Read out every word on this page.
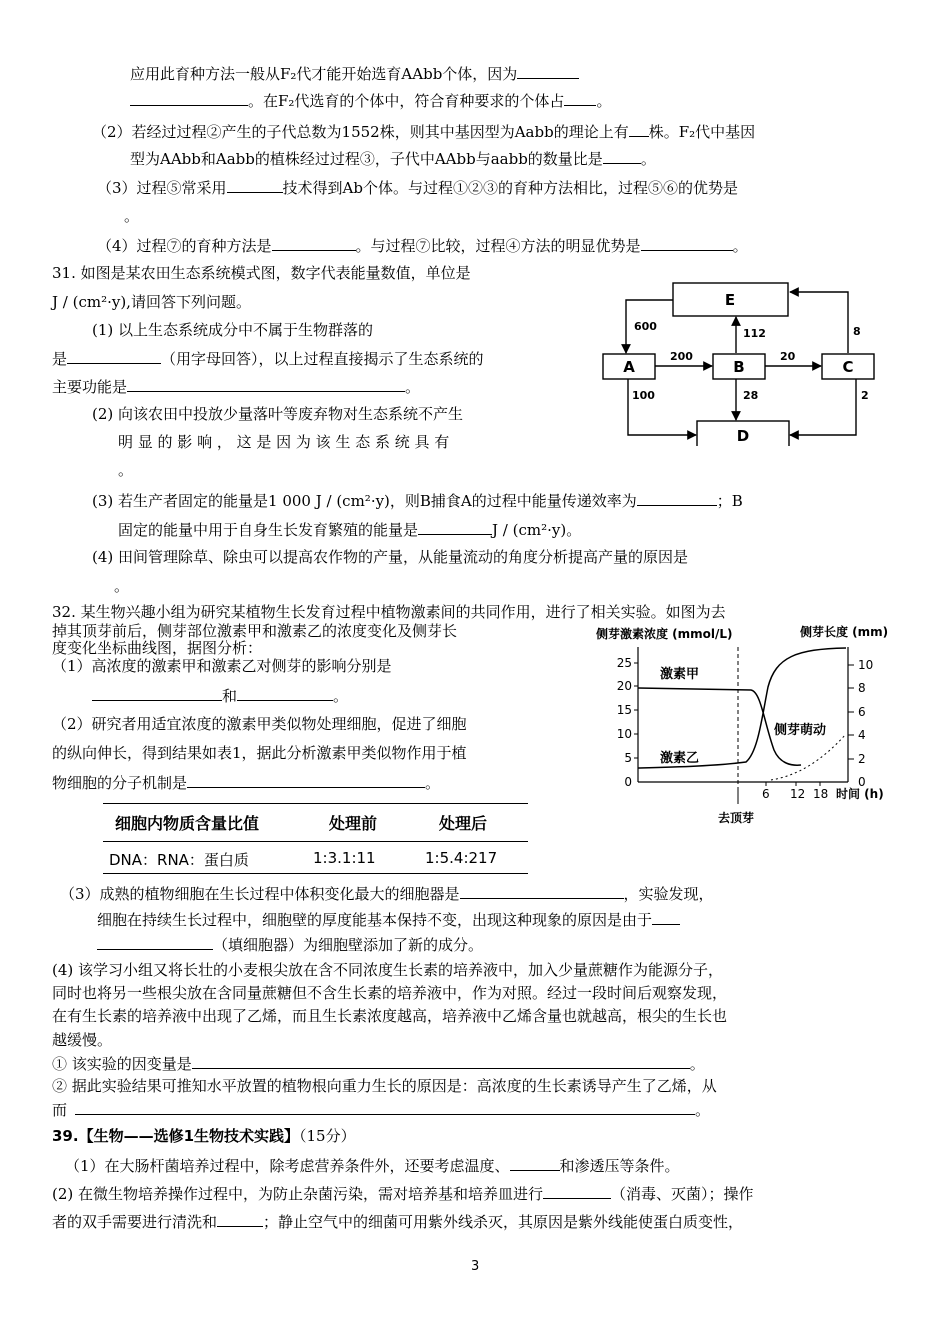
应用此育种方法一般从F₂代才能开始选育AAbb个体，因为
。在F₂代选育的个体中，符合育种要求的个体占 。
（2）若经过过程②产生的子代总数为1552株，则其中基因型为Aabb的理论上有 株。F₂代中基因
型为AAbb和Aabb的植株经过过程③，子代中AAbb与aabb的数量比是	。
（3）过程⑤常采用	技术得到Ab个体。与过程①②③的育种方法相比，过程⑤⑥的优势是
。
（4）过程⑦的育种方法是	。与过程⑦比较，过程④方法的明显优势是	。
31. 如图是某农田生态系统模式图，数字代表能量数值，单位是
J / (cm²·y),请回答下列问题。
(1) 以上生态系统成分中不属于生物群落的
是	（用字母回答），以上过程直接揭示了生态系统的
主要功能是	。
(2) 向该农田中投放少量落叶等废弃物对生态系统不产生
明 显 的 影 响 ， 这 是 因 为 该 生 态 系 统 具 有
。
(3) 若生产者固定的能量是1 000 J / (cm²·y)，则B捕食A的过程中能量传递效率为	；B
固定的能量中用于自身生长发育繁殖的能量是	J / (cm²·y)。
(4) 田间管理除草、除虫可以提高农作物的产量，从能量流动的角度分析提高产量的原因是
。
E
A	B	C
D
600
112	8
200	20
100	28	2
32. 某生物兴趣小组为研究某植物生长发育过程中植物激素间的共同作用，进行了相关实验。如图为去
掉其顶芽前后，侧芽部位激素甲和激素乙的浓度变化及侧芽长
度变化坐标曲线图，据图分析：
（1）高浓度的激素甲和激素乙对侧芽的影响分别是
和	。
（2）研究者用适宜浓度的激素甲类似物处理细胞，促进了细胞
的纵向伸长，得到结果如表1，据此分析激素甲类似物作用于植
物细胞的分子机制是	。
细胞内物质含量比值	处理前	处理后
DNA：RNA：蛋白质	1:3.1:11	1:5.4:217
（3）成熟的植物细胞在生长过程中体积变化最大的细胞器是	，实验发现，
细胞在持续生长过程中，细胞壁的厚度能基本保持不变，出现这种现象的原因是由于
（填细胞器）为细胞壁添加了新的成分。
(4) 该学习小组又将长壮的小麦根尖放在含不同浓度生长素的培养液中，加入少量蔗糖作为能源分子，
同时也将另一些根尖放在含同量蔗糖但不含生长素的培养液中，作为对照。经过一段时间后观察发现，
在有生长素的培养液中出现了乙烯，而且生长素浓度越高，培养液中乙烯含量也就越高，根尖的生长也
越缓慢。
① 该实验的因变量是	。
② 据此实验结果可推知水平放置的植物根向重力生长的原因是：高浓度的生长素诱导产生了乙烯，从
而	。
侧芽激素浓度 (mmol/L)	侧芽长度 (mm)
25
20
15
10
5
0
10
8
6
4
2
0
6 12 18 时间 (h)
去顶芽
激素甲
激素乙
侧芽萌动
39.【生物——选修1生物技术实践】（15分）
（1）在大肠杆菌培养过程中，除考虑营养条件外，还要考虑温度、	和渗透压等条件。
(2) 在微生物培养操作过程中，为防止杂菌污染，需对培养基和培养皿进行	（消毒、灭菌）；操作
者的双手需要进行清洗和	；静止空气中的细菌可用紫外线杀灭，其原因是紫外线能使蛋白质变性，
3
